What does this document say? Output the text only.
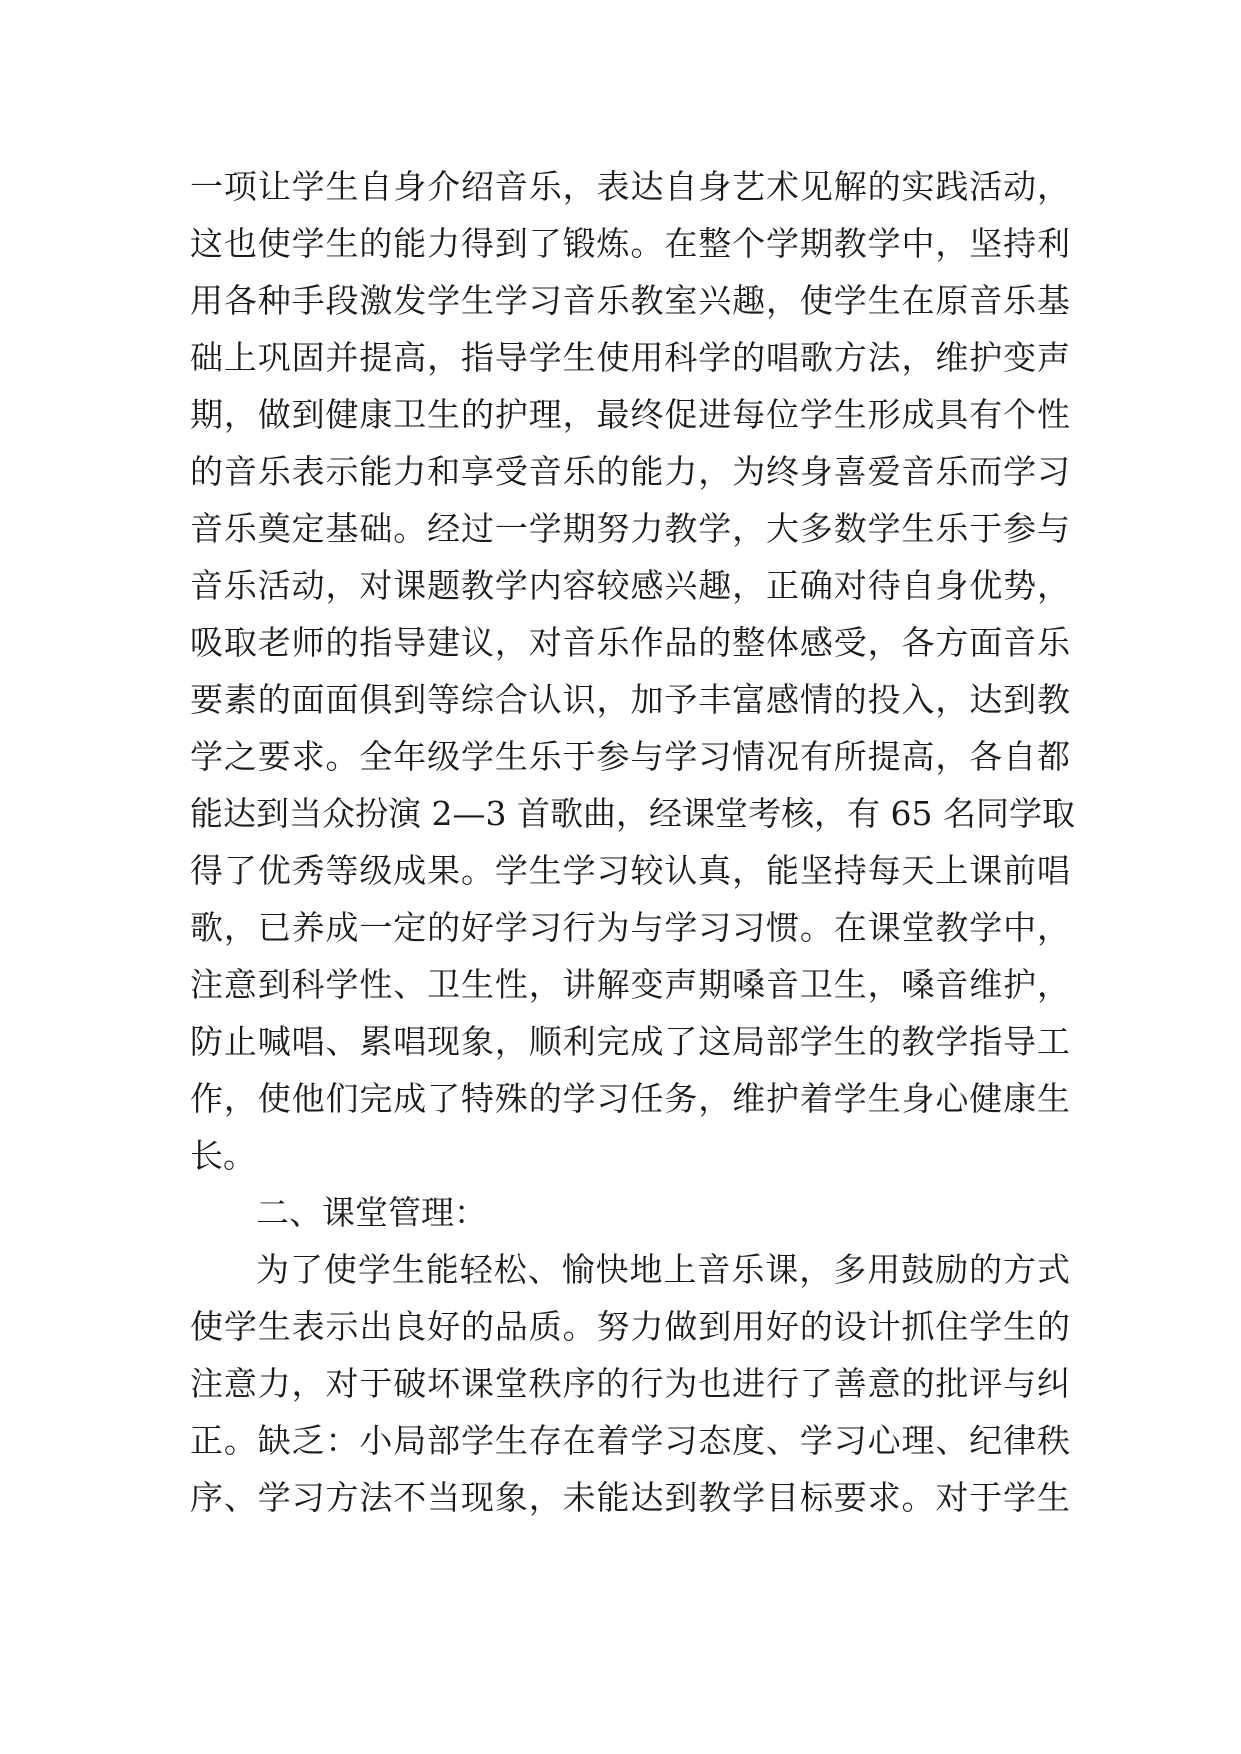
一项让学生自身介绍音乐，表达自身艺术见解的实践活动，
这也使学生的能力得到了锻炼。在整个学期教学中，坚持利
用各种手段激发学生学习音乐教室兴趣，使学生在原音乐基
础上巩固并提高，指导学生使用科学的唱歌方法，维护变声
期，做到健康卫生的护理，最终促进每位学生形成具有个性
的音乐表示能力和享受音乐的能力，为终身喜爱音乐而学习
音乐奠定基础。经过一学期努力教学，大多数学生乐于参与
音乐活动，对课题教学内容较感兴趣，正确对待自身优势，
吸取老师的指导建议，对音乐作品的整体感受，各方面音乐
要素的面面俱到等综合认识，加予丰富感情的投入，达到教
学之要求。全年级学生乐于参与学习情况有所提高，各自都
能达到当众扮演 2—3 首歌曲，经课堂考核，有 65 名同学取
得了优秀等级成果。学生学习较认真，能坚持每天上课前唱
歌，已养成一定的好学习行为与学习习惯。在课堂教学中，
注意到科学性、卫生性，讲解变声期嗓音卫生，嗓音维护，
防止喊唱、累唱现象，顺利完成了这局部学生的教学指导工
作，使他们完成了特殊的学习任务，维护着学生身心健康生
长。
二、课堂管理：
为了使学生能轻松、愉快地上音乐课，多用鼓励的方式
使学生表示出良好的品质。努力做到用好的设计抓住学生的
注意力，对于破坏课堂秩序的行为也进行了善意的批评与纠
正。缺乏：小局部学生存在着学习态度、学习心理、纪律秩
序、学习方法不当现象，未能达到教学目标要求。对于学生
